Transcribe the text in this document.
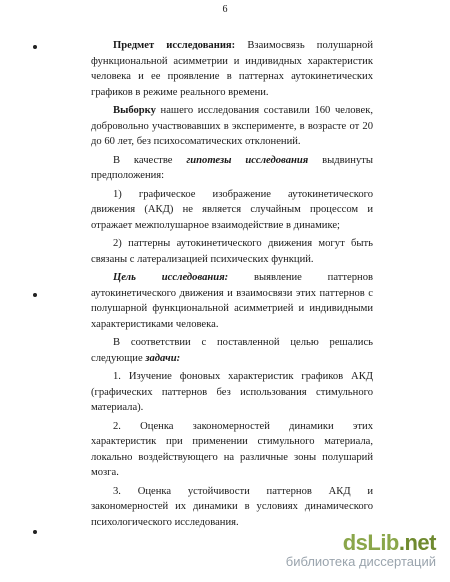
6

Предмет исследования: Взаимосвязь полушарной функциональной асимметрии и индивидных характеристик человека и ее проявление в паттернах аутокинетических графиков в режиме реального времени.

Выборку нашего исследования составили 160 человек, добровольно участвовавших в эксперименте, в возрасте от 20 до 60 лет, без психосоматических отклонений.

В качестве гипотезы исследования выдвинуты предположения:

1) графическое изображение аутокинетического движения (АКД) не является случайным процессом и отражает межполушарное взаимодействие в динамике;

2) паттерны аутокинетического движения могут быть связаны с латерализацией психических функций.

Цель исследования: выявление паттернов аутокинетического движения и взаимосвязи этих паттернов с полушарной функциональной асимметрией и индивидными характеристиками человека.

В соответствии с поставленной целью решались следующие задачи:

1. Изучение фоновых характеристик графиков АКД (графических паттернов без использования стимульного материала).

2. Оценка закономерностей динамики этих характеристик при применении стимульного материала, локально воздействующего на различные зоны полушарий мозга.

3. Оценка устойчивости паттернов АКД и закономерностей их динамики в условиях динамического психологического исследования.

dsLib.net
библиотека диссертаций
